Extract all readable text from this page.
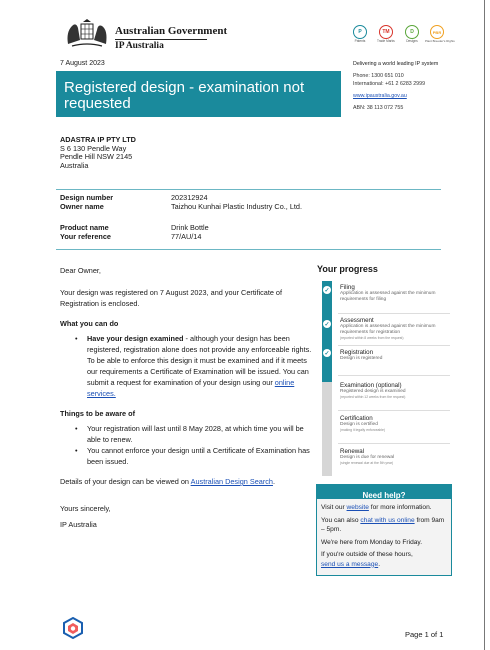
Australian Government
IP Australia
7 August 2023
Registered design - examination not requested
P
Patents
TM
Trade Marks
D
Designs
PBR
Plant Breeder's Rights
Delivering a world leading IP system
Phone: 1300 651 010
International: +61 2 6283 2999
www.ipaustralia.gov.au
ABN: 38 113 072 755
ADASTRA IP PTY LTD
S 6 130 Pendle Way
Pendle Hill NSW 2145
Australia
Design number	202312924
Owner name	Taizhou Kunhai Plastic Industry Co., Ltd.
Product name	Drink Bottle
Your reference	77/AU/14
Dear Owner,
Your design was registered on 7 August 2023, and your Certificate of Registration is enclosed.
What you can do
• Have your design examined - although your design has been registered, registration alone does not provide any enforceable rights. To be able to enforce this design it must be examined and if it meets our requirements a Certificate of Examination will be issued. You can submit a request for examination of your design using our online services.
Things to be aware of
• Your registration will last until 8 May 2028, at which time you will be able to renew.
• You cannot enforce your design until a Certificate of Examination has been issued.
Details of your design can be viewed on Australian Design Search.
Yours sincerely,
IP Australia
Your progress
✓
✓
✓
Filing
Application is assessed against the minimum requirements for filing
Assessment
Application is assessed against the minimum requirements for registration
(reported within 8 weeks from the request)
Registration
Design is registered
Examination (optional)
Registered design is examined
(reported within 12 weeks from the request)
Certification
Design is certified
(making it legally enforceable)
Renewal
Design is due for renewal
(single renewal due at the 5th year)
Need help?
Visit our website for more information.
You can also chat with us online from 9am – 5pm.
We're here from Monday to Friday.
If you're outside of these hours,
send us a message.
Page 1 of 1
